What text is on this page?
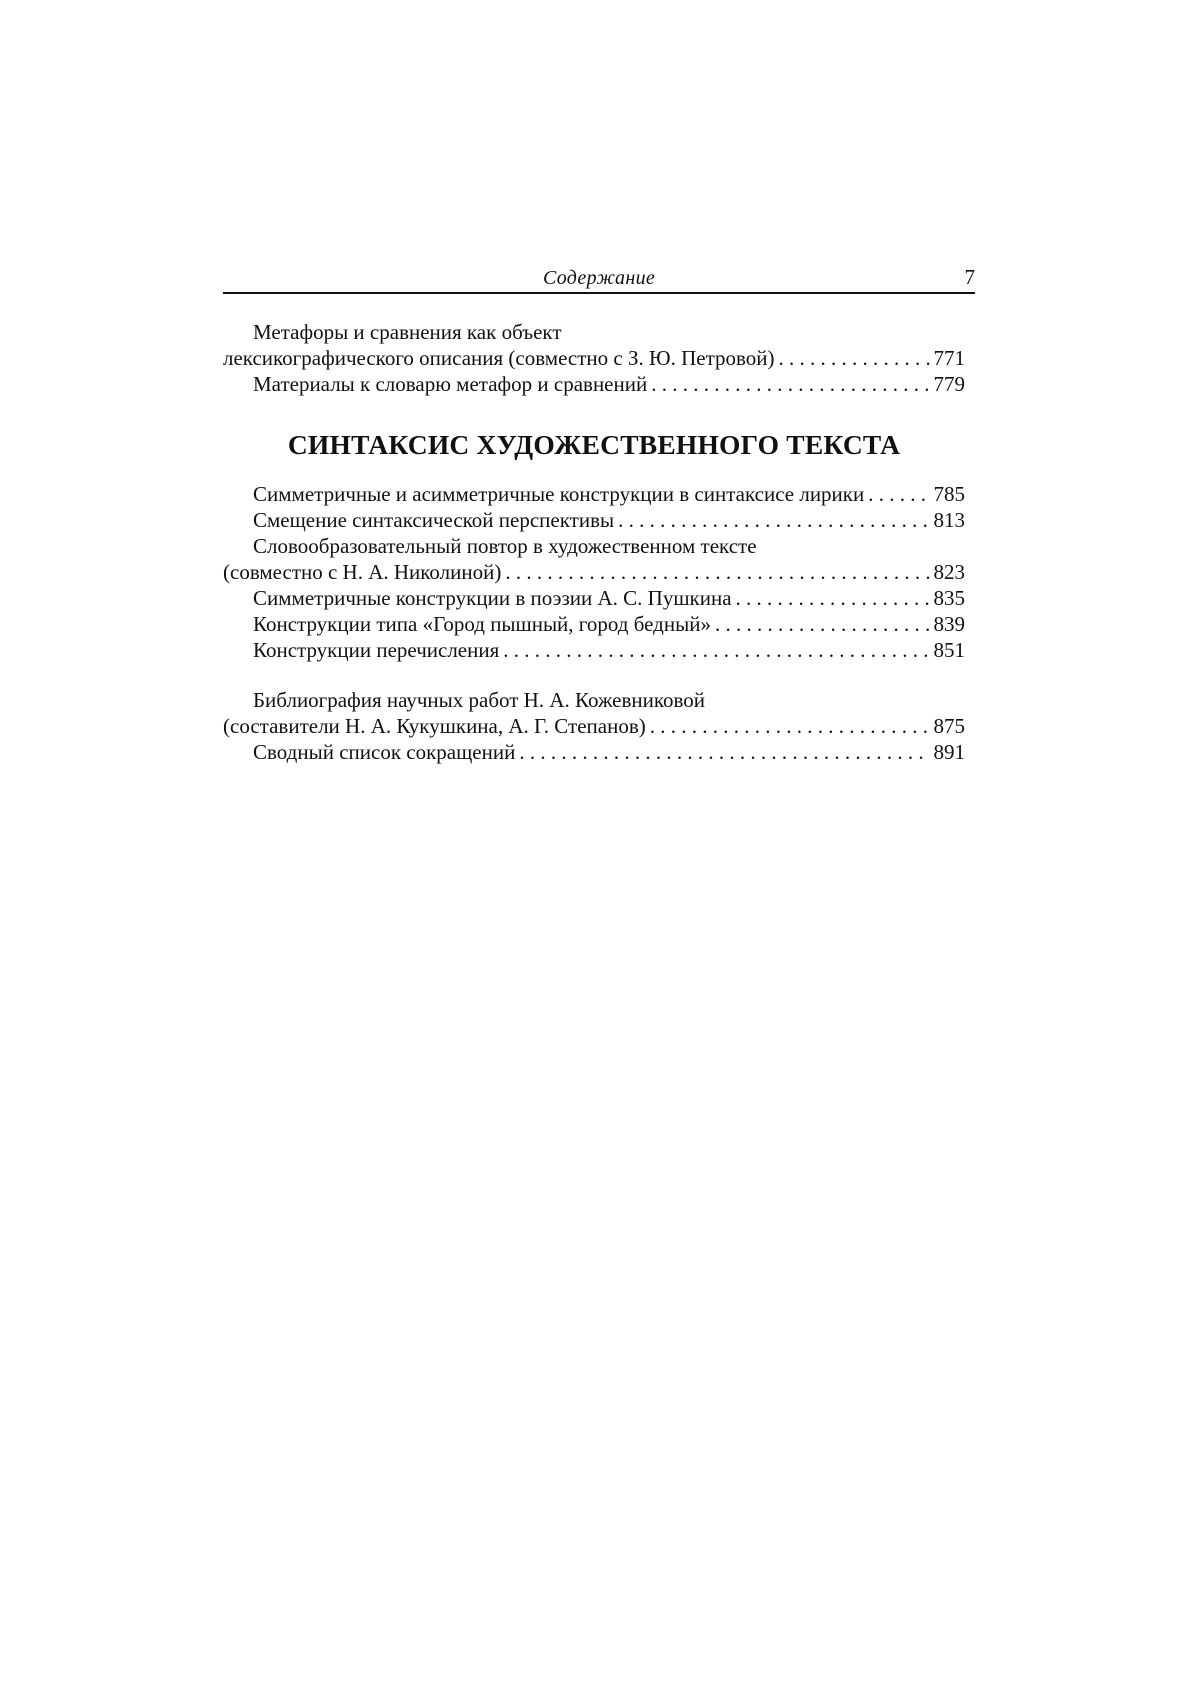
Содержание	7
Метафоры и сравнения как объект
лексикографического описания (совместно с З. Ю. Петровой) . . .	771
Материалы к словарю метафор и сравнений . . .	779
СИНТАКСИС ХУДОЖЕСТВЕННОГО ТЕКСТА
Симметричные и асимметричные конструкции в синтаксисе лирики . . .	785
Смещение синтаксической перспективы . . .	813
Словообразовательный повтор в художественном тексте
(совместно с Н. А. Николиной) . . .	823
Симметричные конструкции в поэзии А. С. Пушкина . . .	835
Конструкции типа «Город пышный, город бедный» . . .	839
Конструкции перечисления . . .	851
Библиография научных работ Н. А. Кожевниковой
(составители Н. А. Кукушкина, А. Г. Степанов) . . .	875
Сводный список сокращений . . .	891
